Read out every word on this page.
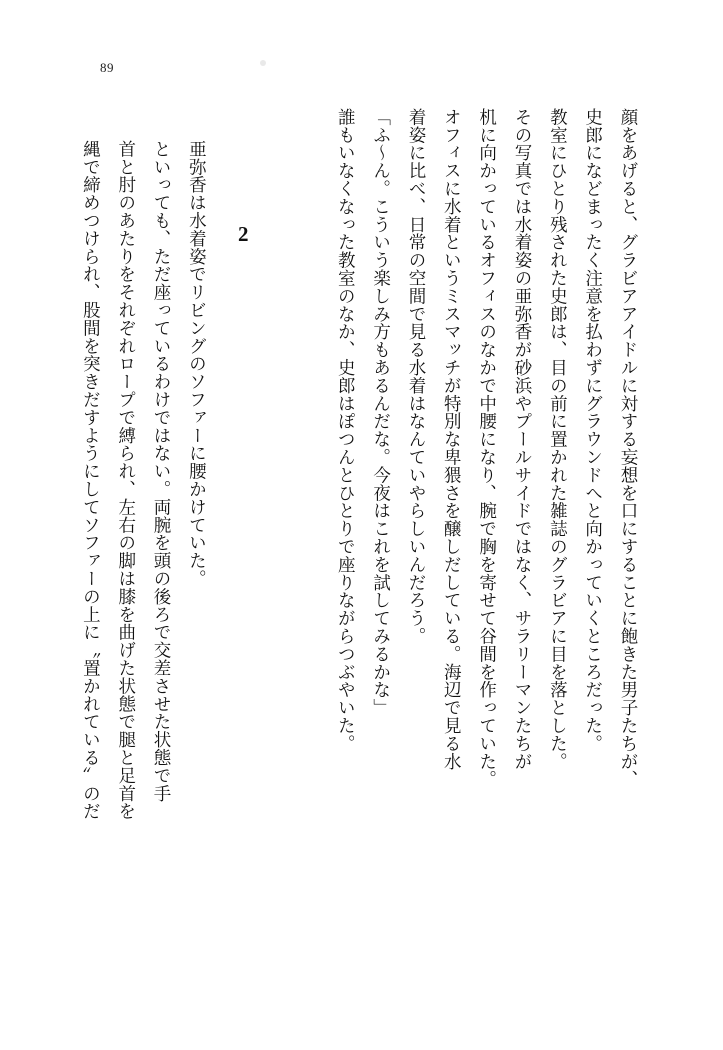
89

顔をあげると、グラビアアイドルに対する妄想を口にすることに飽きた男子たちが、

史郎になどまったく注意を払わずにグラウンドへと向かっていくところだった。

教室にひとり残された史郎は、目の前に置かれた雑誌のグラビアに目を落とした。

その写真では水着姿の亜弥香が砂浜やプールサイドではなく、サラリーマンたちが

机に向かっているオフィスのなかで中腰になり、腕で胸を寄せて谷間を作っていた。

オフィスに水着というミスマッチが特別な卑猥さを醸しだしている。海辺で見る水

着姿に比べ、日常の空間で見る水着はなんていやらしいんだろう。

「ふ～ん。こういう楽しみ方もあるんだな。今夜はこれを試してみるかな」

誰もいなくなった教室のなか、史郎はぽつんとひとりで座りながらつぶやいた。

2

亜弥香は水着姿でリビングのソファーに腰かけていた。

といっても、ただ座っているわけではない。両腕を頭の後ろで交差させた状態で手

首と肘のあたりをそれぞれロープで縛られ、左右の脚は膝を曲げた状態で腿と足首を

縄で締めつけられ、股間を突きだすようにしてソファーの上に〝置かれている〟のだ
